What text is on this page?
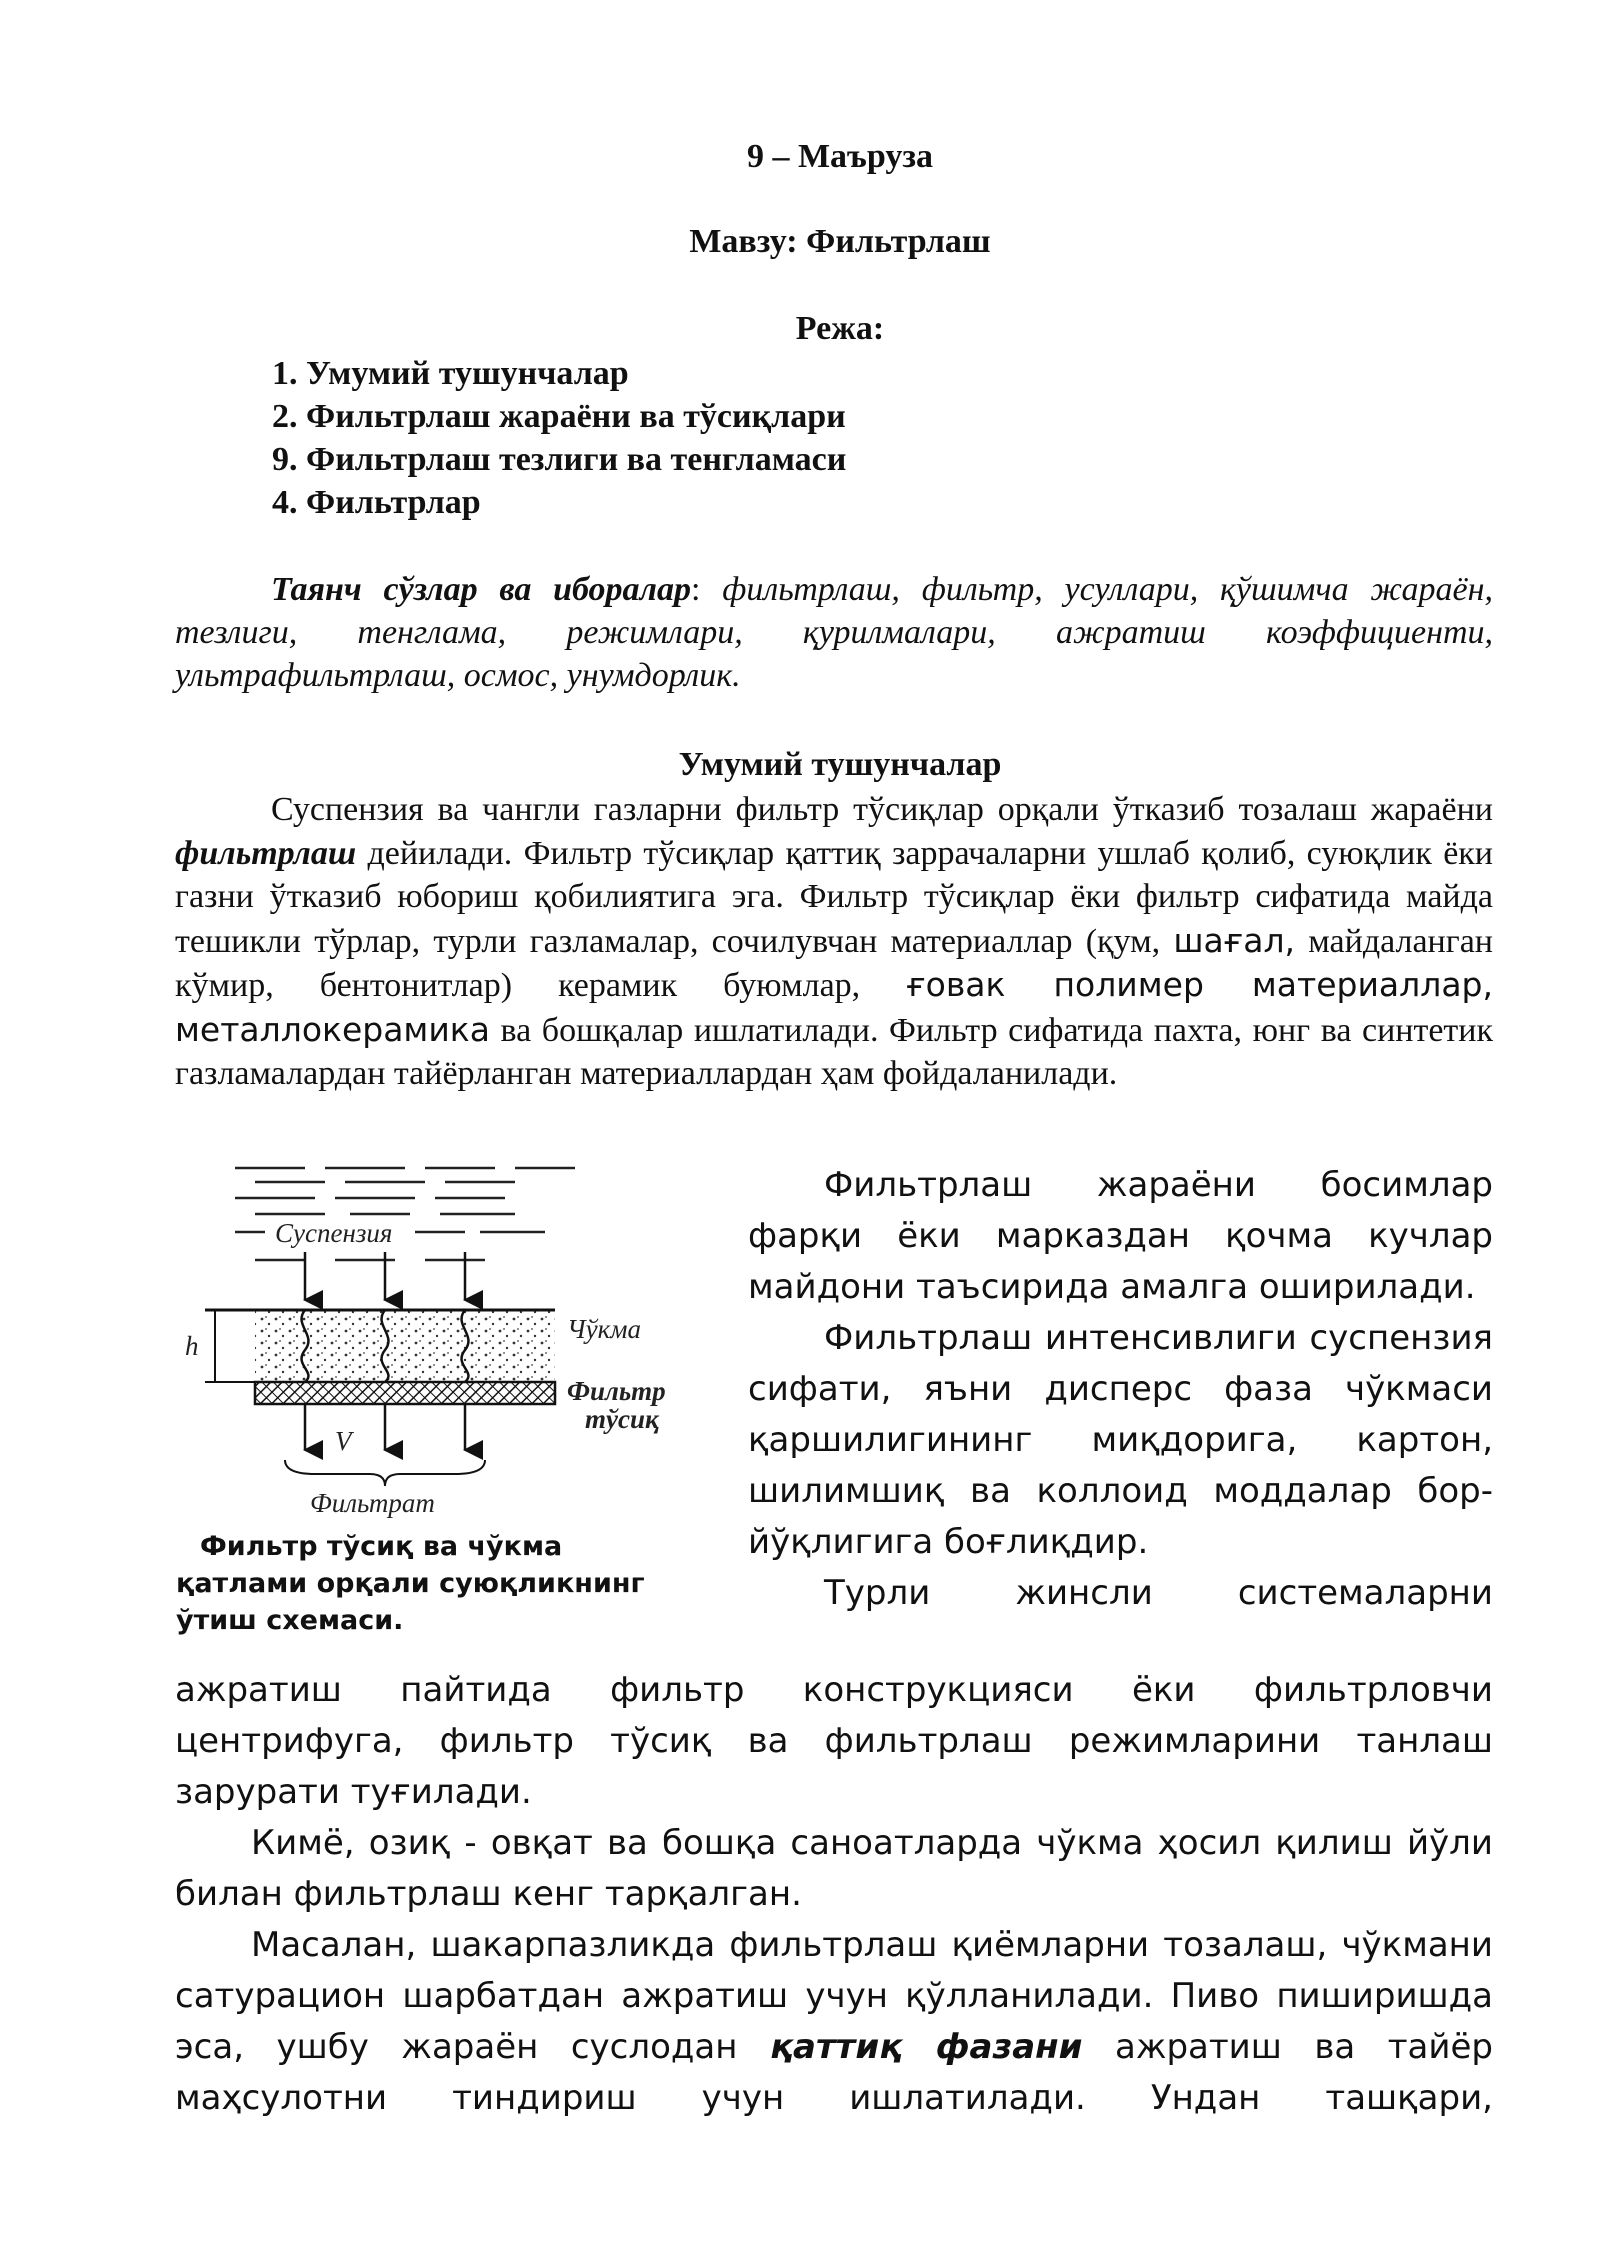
9 – Маъруза
Мавзу: Фильтрлаш
Режа:
1. Умумий тушунчалар
2. Фильтрлаш жараёни ва тўсиқлари
9. Фильтрлаш тезлиги ва тенгламаси
4. Фильтрлар
Таянч сўзлар ва иборалар: фильтрлаш, фильтр, усуллари, қўшимча жараён, тезлиги, тенглама, режимлари, қурилмалари, ажратиш коэффициенти, ультрафильтрлаш, осмос, унумдорлик.
Умумий тушунчалар
Суспензия ва чангли газларни фильтр тўсиқлар орқали ўтказиб тозалаш жараёни фильтрлаш дейилади. Фильтр тўсиқлар қаттиқ заррачаларни ушлаб қолиб, суюқлик ёки газни ўтказиб юбориш қобилиятига эга. Фильтр тўсиқлар ёки фильтр сифатида майда тешикли тўрлар, турли газламалар, сочилувчан материаллар (қум, шағал, майдаланган кўмир, бентонитлар) керамик буюмлар, ғовак полимер материаллар, металлокерамика ва бошқалар ишлатилади. Фильтр сифатида пахта, юнг ва синтетик газламалардан тайёрланган материаллардан ҳам фойдаланилади.
Суспензия
h
Чўкма
Фильтр
тўсиқ
V
Фильтрат
Фильтр тўсиқ ва чўкма
қатлами орқали суюқликнинг
ўтиш схемаси.

Фильтрлаш жараёни босимлар фарқи ёки марказдан қочма кучлар майдони таъсирида амалга оширилади.

Фильтрлаш интенсивлиги суспензия сифати, яъни дисперс фаза чўкмаси қаршилигининг миқдорига, картон, шилимшиқ ва коллоид моддалар бор-йўқлигига боғлиқдир.

Турли жинсли системаларни

ажратиш пайтида фильтр конструкцияси ёки фильтрловчи центрифуга, фильтр тўсиқ ва фильтрлаш режимларини танлаш зарурати туғилади.

Кимё, озиқ - овқат ва бошқа саноатларда чўкма ҳосил қилиш йўли билан фильтрлаш кенг тарқалган.

Масалан, шакарпазликда фильтрлаш қиёмларни тозалаш, чўкмани сатурацион шарбатдан ажратиш учун қўлланилади. Пиво пиширишда эса, ушбу жараён суслодан қаттиқ фазани ажратиш ва тайёр маҳсулотни тиндириш учун ишлатилади. Ундан ташқари,
